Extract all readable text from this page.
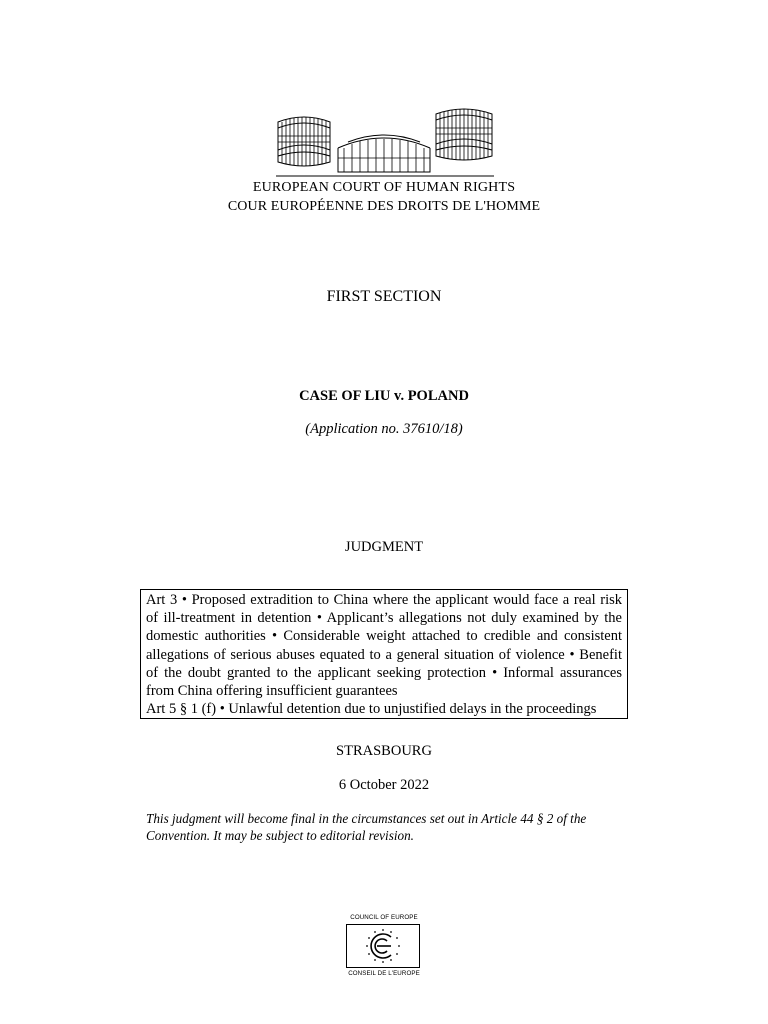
EUROPEAN COURT OF HUMAN RIGHTS
COUR EUROPÉENNE DES DROITS DE L'HOMME
FIRST SECTION
CASE OF LIU v. POLAND
(Application no. 37610/18)
JUDGMENT
Art 3 • Proposed extradition to China where the applicant would face a real risk of ill-treatment in detention • Applicant’s allegations not duly examined by the domestic authorities • Considerable weight attached to credible and consistent allegations of serious abuses equated to a general situation of violence • Benefit of the doubt granted to the applicant seeking protection • Informal assurances from China offering insufficient guarantees
Art 5 § 1 (f) • Unlawful detention due to unjustified delays in the proceedings
STRASBOURG
6 October 2022
This judgment will become final in the circumstances set out in Article 44 § 2 of the Convention. It may be subject to editorial revision.
COUNCIL OF EUROPE
CONSEIL DE L'EUROPE
